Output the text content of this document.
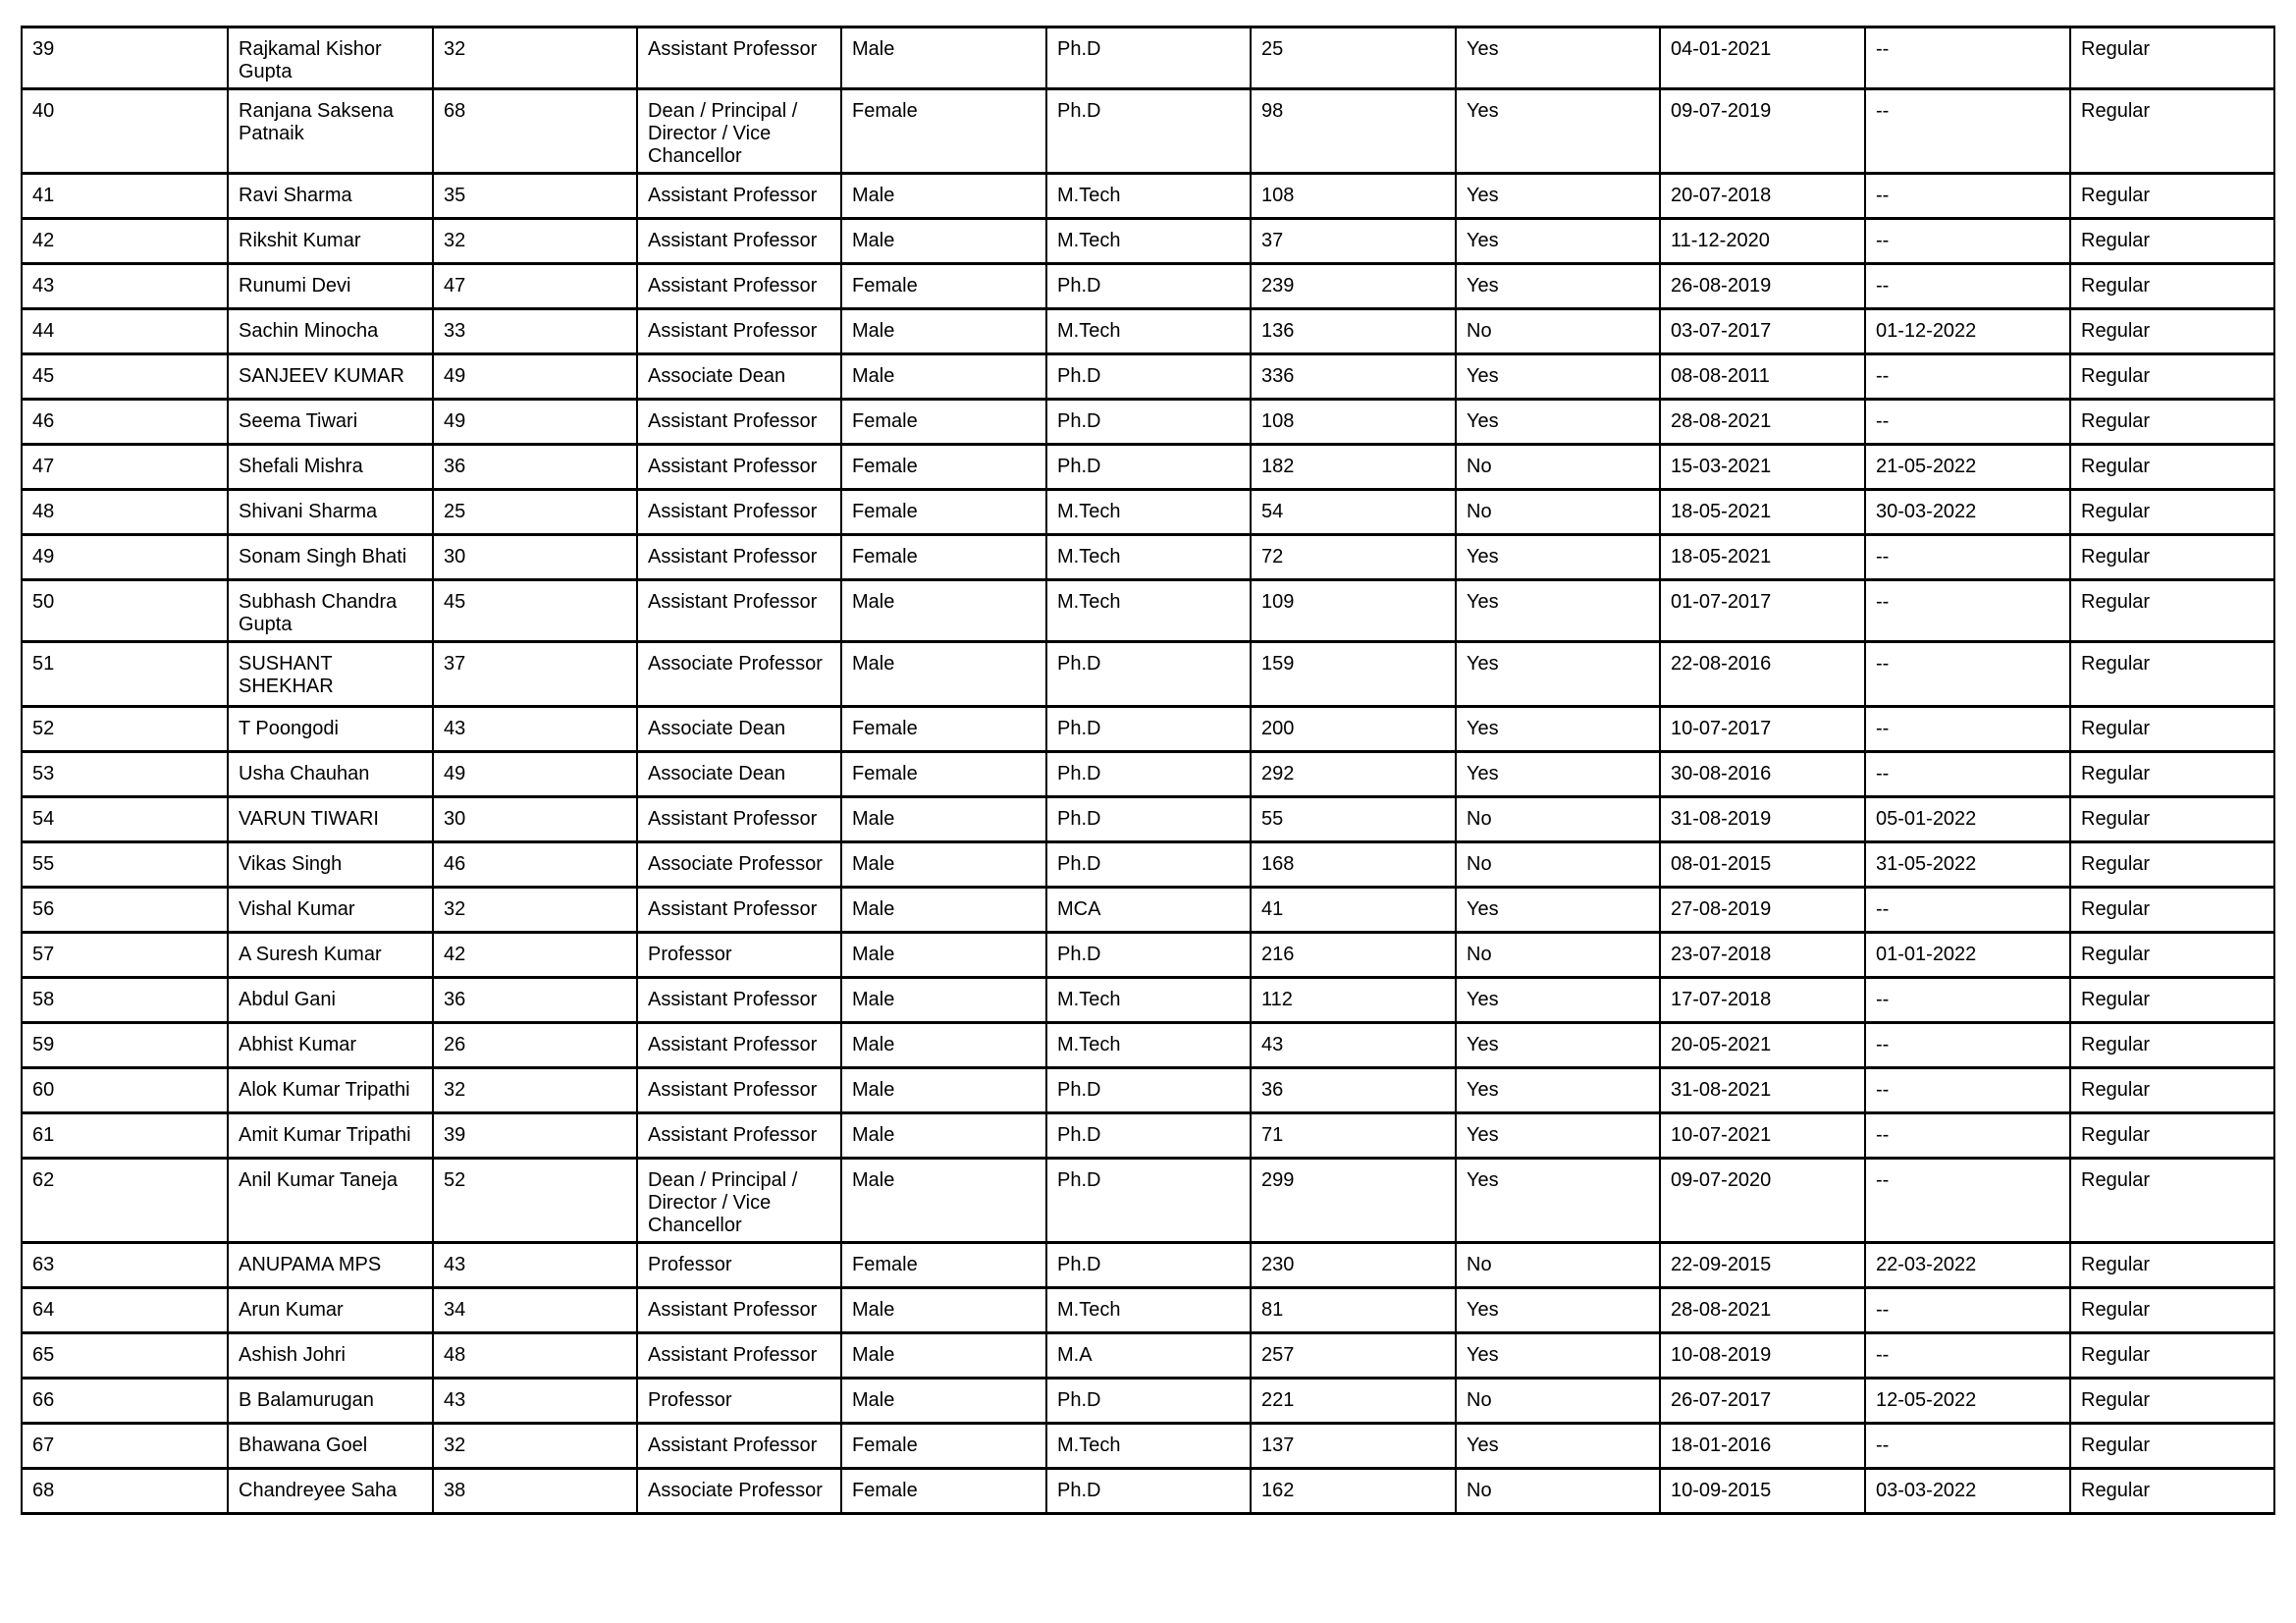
39	Rajkamal Kishor Gupta	32	Assistant Professor	Male	Ph.D	25	Yes	04-01-2021	--	Regular
40	Ranjana Saksena Patnaik	68	Dean / Principal / Director / Vice Chancellor	Female	Ph.D	98	Yes	09-07-2019	--	Regular
41	Ravi Sharma	35	Assistant Professor	Male	M.Tech	108	Yes	20-07-2018	--	Regular
42	Rikshit Kumar	32	Assistant Professor	Male	M.Tech	37	Yes	11-12-2020	--	Regular
43	Runumi Devi	47	Assistant Professor	Female	Ph.D	239	Yes	26-08-2019	--	Regular
44	Sachin Minocha	33	Assistant Professor	Male	M.Tech	136	No	03-07-2017	01-12-2022	Regular
45	SANJEEV KUMAR	49	Associate Dean	Male	Ph.D	336	Yes	08-08-2011	--	Regular
46	Seema Tiwari	49	Assistant Professor	Female	Ph.D	108	Yes	28-08-2021	--	Regular
47	Shefali Mishra	36	Assistant Professor	Female	Ph.D	182	No	15-03-2021	21-05-2022	Regular
48	Shivani Sharma	25	Assistant Professor	Female	M.Tech	54	No	18-05-2021	30-03-2022	Regular
49	Sonam Singh Bhati	30	Assistant Professor	Female	M.Tech	72	Yes	18-05-2021	--	Regular
50	Subhash Chandra Gupta	45	Assistant Professor	Male	M.Tech	109	Yes	01-07-2017	--	Regular
51	SUSHANT SHEKHAR	37	Associate Professor	Male	Ph.D	159	Yes	22-08-2016	--	Regular
52	T Poongodi	43	Associate Dean	Female	Ph.D	200	Yes	10-07-2017	--	Regular
53	Usha Chauhan	49	Associate Dean	Female	Ph.D	292	Yes	30-08-2016	--	Regular
54	VARUN TIWARI	30	Assistant Professor	Male	Ph.D	55	No	31-08-2019	05-01-2022	Regular
55	Vikas Singh	46	Associate Professor	Male	Ph.D	168	No	08-01-2015	31-05-2022	Regular
56	Vishal Kumar	32	Assistant Professor	Male	MCA	41	Yes	27-08-2019	--	Regular
57	A Suresh Kumar	42	Professor	Male	Ph.D	216	No	23-07-2018	01-01-2022	Regular
58	Abdul Gani	36	Assistant Professor	Male	M.Tech	112	Yes	17-07-2018	--	Regular
59	Abhist Kumar	26	Assistant Professor	Male	M.Tech	43	Yes	20-05-2021	--	Regular
60	Alok Kumar Tripathi	32	Assistant Professor	Male	Ph.D	36	Yes	31-08-2021	--	Regular
61	Amit Kumar Tripathi	39	Assistant Professor	Male	Ph.D	71	Yes	10-07-2021	--	Regular
62	Anil Kumar Taneja	52	Dean / Principal / Director / Vice Chancellor	Male	Ph.D	299	Yes	09-07-2020	--	Regular
63	ANUPAMA MPS	43	Professor	Female	Ph.D	230	No	22-09-2015	22-03-2022	Regular
64	Arun Kumar	34	Assistant Professor	Male	M.Tech	81	Yes	28-08-2021	--	Regular
65	Ashish Johri	48	Assistant Professor	Male	M.A	257	Yes	10-08-2019	--	Regular
66	B Balamurugan	43	Professor	Male	Ph.D	221	No	26-07-2017	12-05-2022	Regular
67	Bhawana Goel	32	Assistant Professor	Female	M.Tech	137	Yes	18-01-2016	--	Regular
68	Chandreyee Saha	38	Associate Professor	Female	Ph.D	162	No	10-09-2015	03-03-2022	Regular
